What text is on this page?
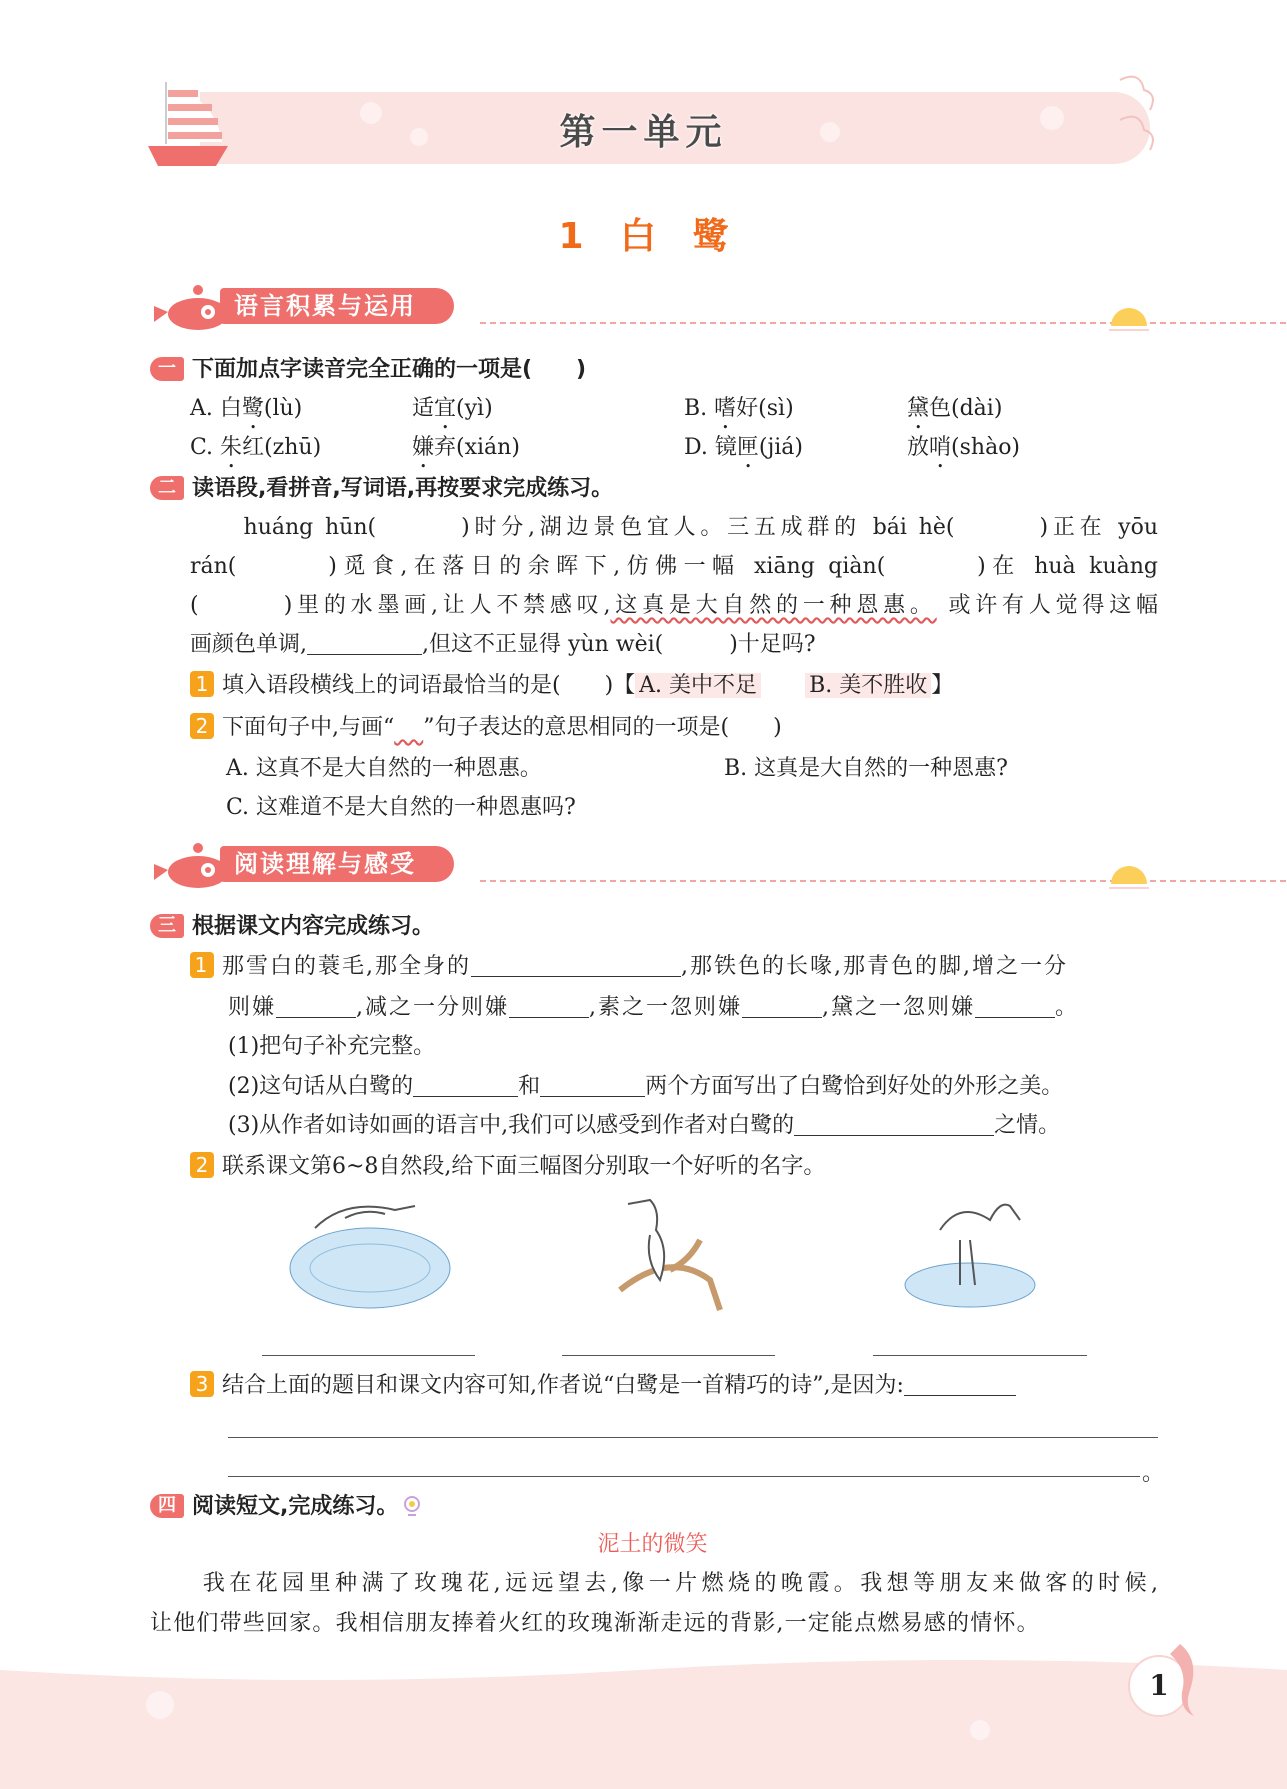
第一单元
1 白 鹭
语言积累与运用
一 下面加点字读音完全正确的一项是(　　)
A. 白鹭(lù)	适宜(yì)	B. 嗜好(sì)	黛色(dài)
C. 朱红(zhū)	嫌弃(xián)	D. 镜匣(jiá)	放哨(shào)
二 读语段,看拼音,写词语,再按要求完成练习。
　　huáng hūn(　　　)时分,湖边景色宜人。三五成群的 bái hè(　　　)正在 yōu
rán(　　　)觅食,在落日的余晖下,仿佛一幅 xiāng qiàn(　　　)在 huà kuàng
(　　　)里的水墨画,让人不禁感叹,这真是大自然的一种恩惠。 或许有人觉得这幅
画颜色单调,	,但这不正显得 yùn wèi(　　　)十足吗?
1 填入语段横线上的词语最恰当的是(　　)【 A. 美中不足　　 B. 美不胜收 】
2 下面句子中,与画“　 ”句子表达的意思相同的一项是(　　)
A. 这真不是大自然的一种恩惠。	B. 这真是大自然的一种恩惠?
C. 这难道不是大自然的一种恩惠吗?
阅读理解与感受
三 根据课文内容完成练习。
1 那雪白的蓑毛,那全身的	,那铁色的长喙,那青色的脚,增之一分
则嫌	,减之一分则嫌	,素之一忽则嫌	,黛之一忽则嫌	。
(1)把句子补充完整。
(2)这句话从白鹭的	和	两个方面写出了白鹭恰到好处的外形之美。
(3)从作者如诗如画的语言中,我们可以感受到作者对白鹭的	之情。
2 联系课文第6~8自然段,给下面三幅图分别取一个好听的名字。
3 结合上面的题目和课文内容可知,作者说“白鹭是一首精巧的诗”,是因为:
。
四 阅读短文,完成练习。
泥土的微笑
　　我在花园里种满了玫瑰花,远远望去,像一片燃烧的晚霞。我想等朋友来做客的时候,
让他们带些回家。我相信朋友捧着火红的玫瑰渐渐走远的背影,一定能点燃易感的情怀。
1
